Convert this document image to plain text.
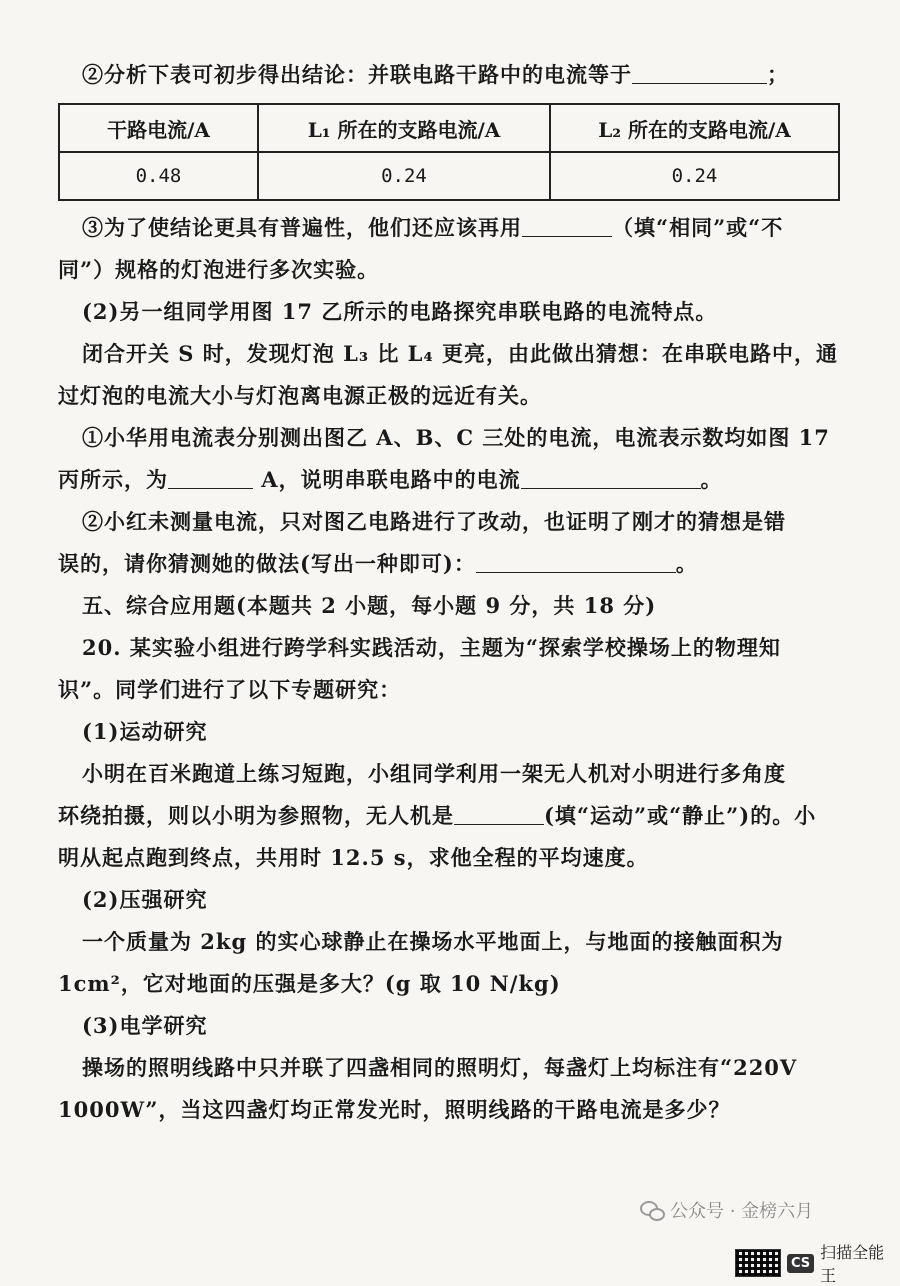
②分析下表可初步得出结论：并联电路干路中的电流等于	；
干路电流/A	L₁ 所在的支路电流/A	L₂ 所在的支路电流/A
0.48	0.24	0.24
③为了使结论更具有普遍性，他们还应该再用	（填“相同”或“不
同”）规格的灯泡进行多次实验。
(2)另一组同学用图 17 乙所示的电路探究串联电路的电流特点。
闭合开关 S 时，发现灯泡 L₃ 比 L₄ 更亮，由此做出猜想：在串联电路中，通
过灯泡的电流大小与灯泡离电源正极的远近有关。
①小华用电流表分别测出图乙 A、B、C 三处的电流，电流表示数均如图 17
丙所示，为	A，说明串联电路中的电流	。
②小红未测量电流，只对图乙电路进行了改动，也证明了刚才的猜想是错
误的，请你猜测她的做法(写出一种即可)：	。
五、综合应用题(本题共 2 小题，每小题 9 分，共 18 分)
20. 某实验小组进行跨学科实践活动，主题为“探索学校操场上的物理知
识”。同学们进行了以下专题研究：
(1)运动研究
小明在百米跑道上练习短跑，小组同学利用一架无人机对小明进行多角度
环绕拍摄，则以小明为参照物，无人机是	(填“运动”或“静止”)的。小
明从起点跑到终点，共用时 12.5 s，求他全程的平均速度。
(2)压强研究
一个质量为 2kg 的实心球静止在操场水平地面上，与地面的接触面积为
1cm²，它对地面的压强是多大？(g 取 10 N/kg)
(3)电学研究
操场的照明线路中只并联了四盏相同的照明灯，每盏灯上均标注有“220V
1000W”，当这四盏灯均正常发光时，照明线路的干路电流是多少？
公众号 · 金榜六月
CS
扫描全能王
